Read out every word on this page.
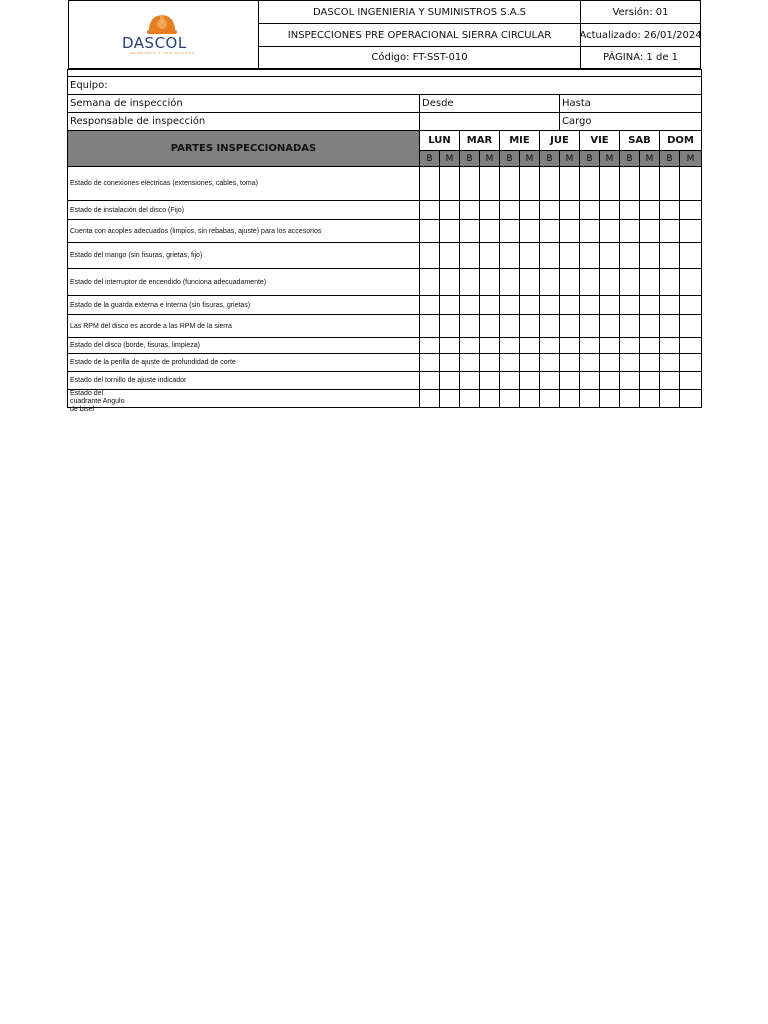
DASCOL
INGENIERIA Y SUMINISTROS
DASCOL INGENIERIA Y SUMINISTROS S.A.S
INSPECCIONES PRE OPERACIONAL SIERRA CIRCULAR
Código: FT-SST-010
Versión: 01
Actualizado: 26/01/2024
PÁGINA: 1 de 1

Equipo:														
Semana de inspección	Desde							Hasta						
Responsable de inspección								Cargo						
PARTES INSPECCIONADAS	LUN		MAR		MIE		JUE		VIE		SAB		DOM	
	B	M	B	M	B	M	B	M	B	M	B	M	B	M
Estado de conexiones eléctricas (extensiones, cables, toma)														
Estado de instalación del disco (Fijo)														
Cuenta con acoples adecuados (limpios, sin rebabas, ajuste) para los accesorios														
Estado del mango (sin fisuras, grietas, fijo)														
Estado del interruptor de encendido (funciona adecuadamente)														
Estado de la guarda externa e interna (sin fisuras, grietas)														
Las RPM del disco es acorde a las RPM de la sierra														
Estado del disco (borde, fisuras, limpieza)														
Estado de la perilla de ajuste de profundidad de corte														
Estado del tornillo de ajuste indicador														

Estado del cuadrante Angulo de bisel														
